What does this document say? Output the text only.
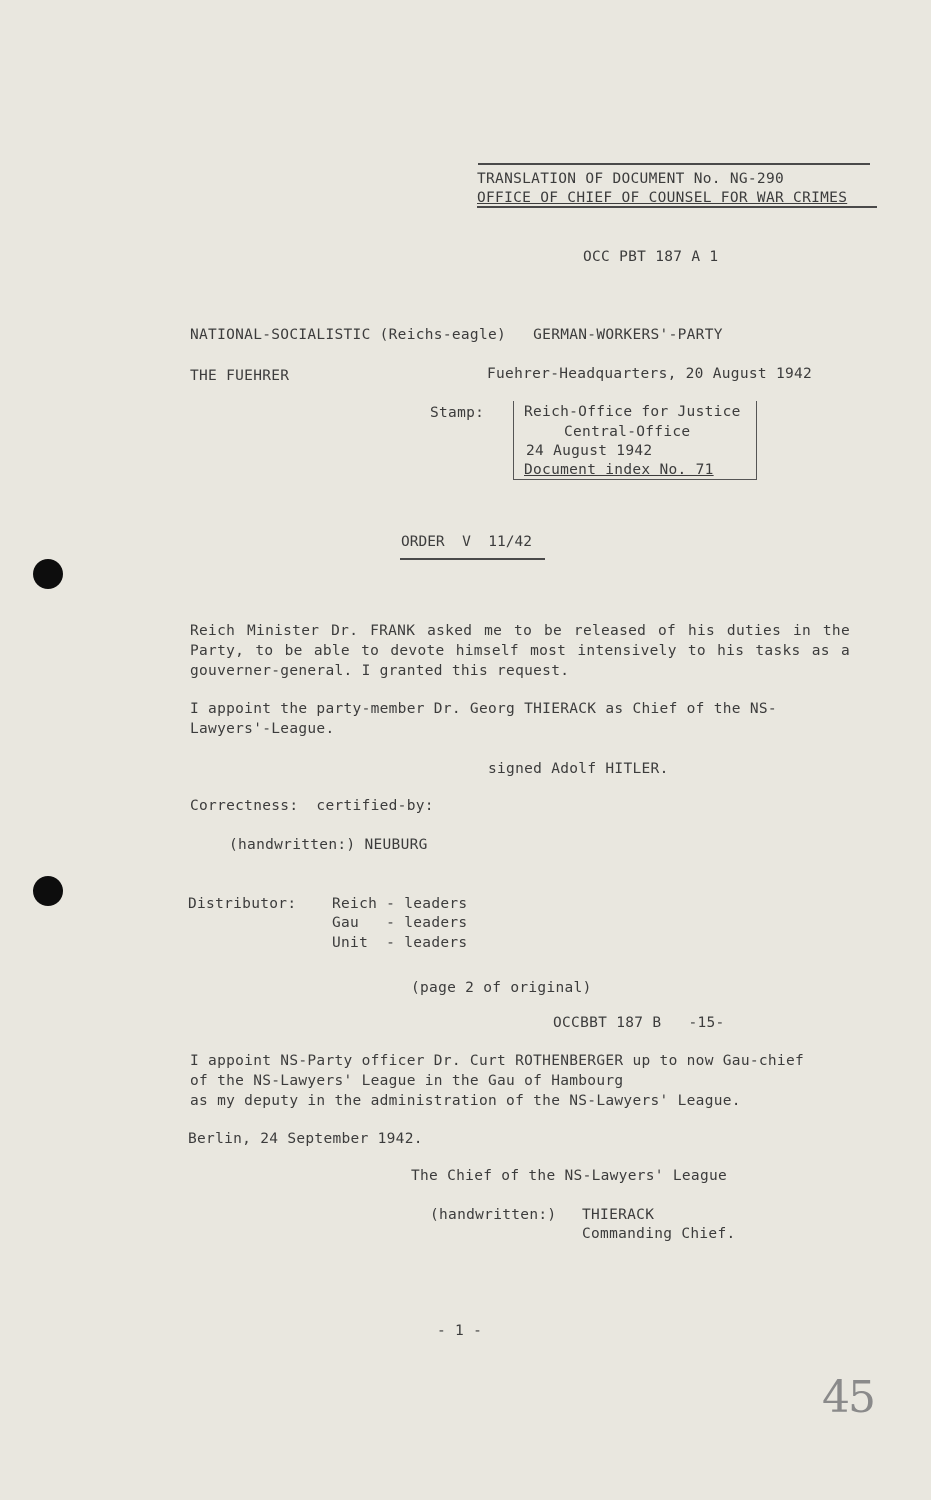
TRANSLATION OF DOCUMENT No. NG-290
OFFICE OF CHIEF OF COUNSEL FOR WAR CRIMES
OCC PBT 187 A 1
NATIONAL-SOCIALISTIC (Reichs-eagle)   GERMAN-WORKERS'-PARTY
THE FUEHRER	Fuehrer-Headquarters, 20 August 1942
Stamp:	Reich-Office for Justice
Central-Office
24 August 1942
Document index No. 71
ORDER  V  11/42
Reich Minister Dr. FRANK asked me to be released of his duties in the Party, to be able to devote himself most intensively to his tasks as a gouverner-general. I granted this request.
I appoint the party-member Dr. Georg THIERACK as Chief of the NS-Lawyers'-League.
signed Adolf HITLER.
Correctness:  certified-by:
(handwritten:) NEUBURG
Distributor: Reich - leaders
Gau   - leaders
Unit  - leaders
(page 2 of original)
OCCBBT 187 B   -15-
I appoint NS-Party officer Dr. Curt ROTHENBERGER up to now Gau-chief
of the NS-Lawyers' League in the Gau of Hambourg
as my deputy in the administration of the NS-Lawyers' League.
Berlin, 24 September 1942.
The Chief of the NS-Lawyers' League
(handwritten:) THIERACK
Commanding Chief.
- 1 -
45
